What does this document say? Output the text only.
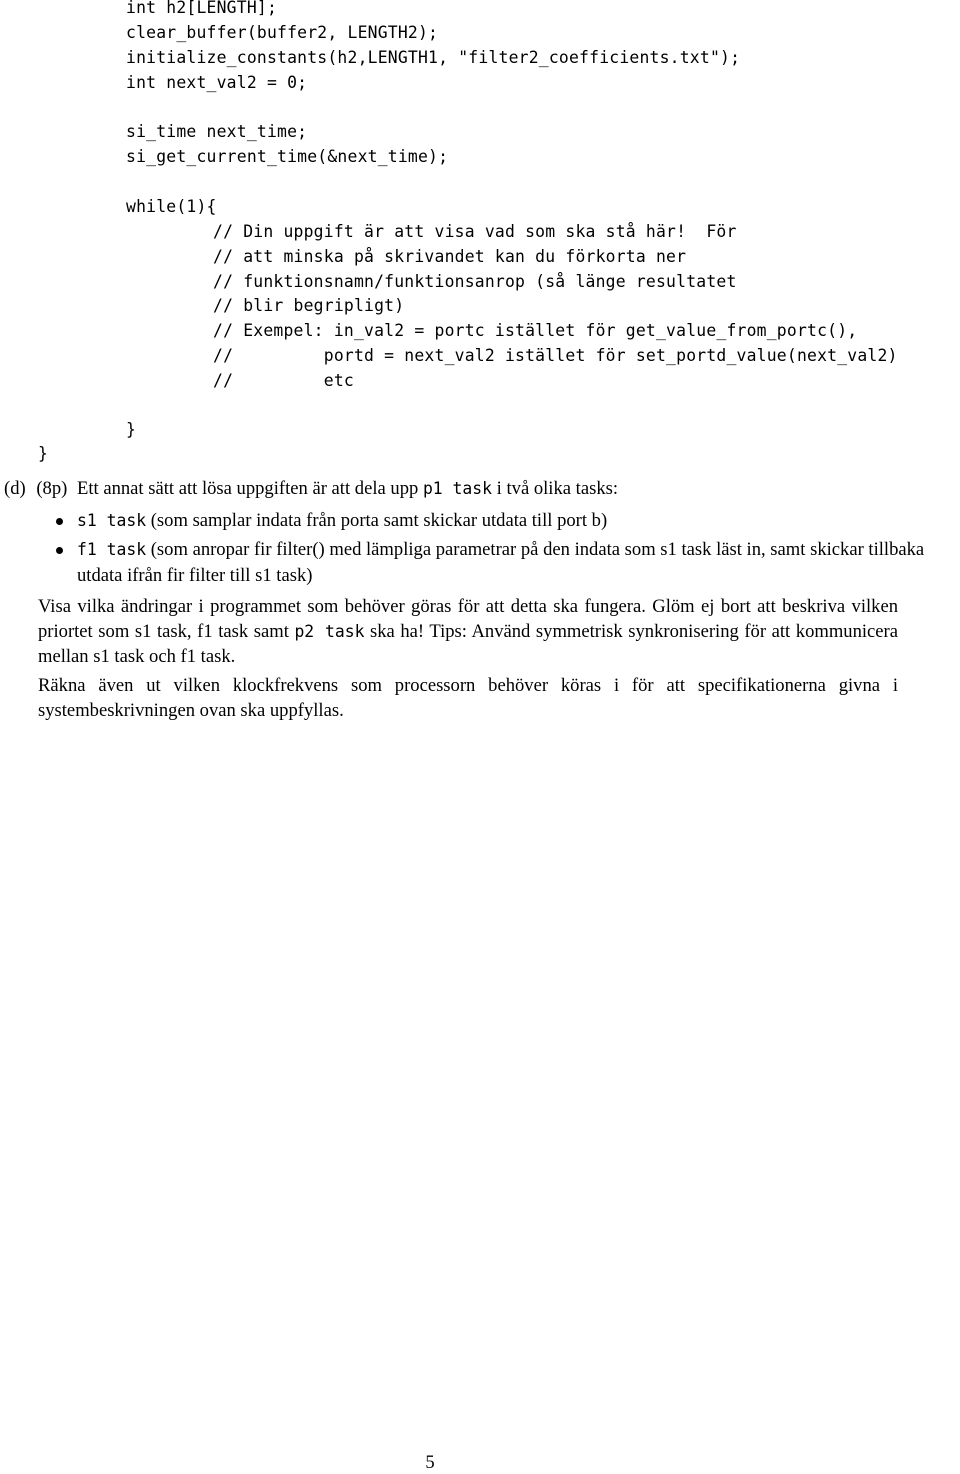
int h2[LENGTH];
clear_buffer(buffer2, LENGTH2);
initialize_constants(h2,LENGTH1, "filter2_coefficients.txt");
int next_val2 = 0;
si_time next_time;
si_get_current_time(&next_time);
while(1){
// Din uppgift är att visa vad som ska stå här!  För
// att minska på skrivandet kan du förkorta ner
// funktionsnamn/funktionsanrop (så länge resultatet
// blir begripligt)
// Exempel: in_val2 = portc istället för get_value_from_portc(),
//         portd = next_val2 istället för set_portd_value(next_val2)
//         etc
}
}
(d) (8p) Ett annat sätt att lösa uppgiften är att dela upp p1 task i två olika tasks:
s1 task (som samplar indata från porta samt skickar utdata till port b)
f1 task (som anropar fir filter() med lämpliga parametrar på den indata som s1 task läst in, samt skickar tillbaka utdata ifrån fir filter till s1 task)
Visa vilka ändringar i programmet som behöver göras för att detta ska fungera. Glöm ej bort att beskriva vilken priortet som s1 task, f1 task samt p2 task ska ha! Tips: Använd symmetrisk synkronisering för att kommunicera mellan s1 task och f1 task.
Räkna även ut vilken klockfrekvens som processorn behöver köras i för att specifikationerna givna i systembeskrivningen ovan ska uppfyllas.
5
